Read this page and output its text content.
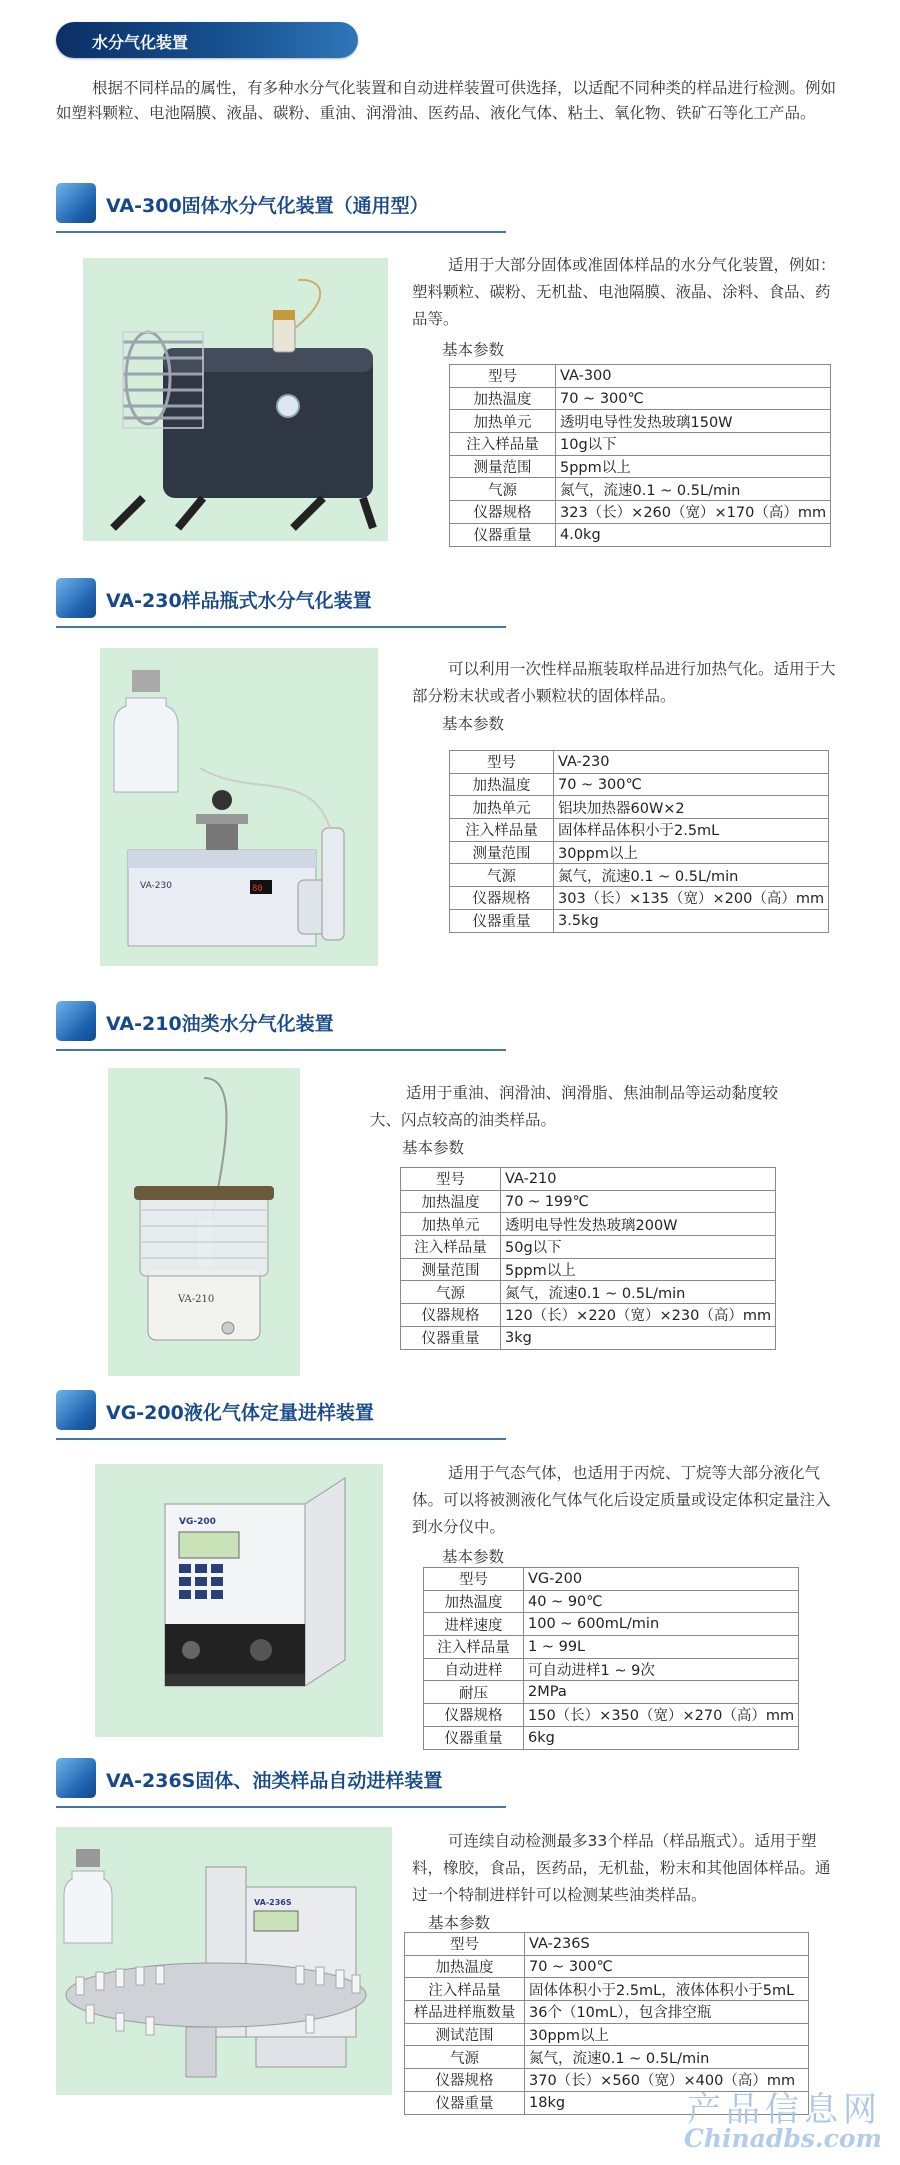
水分气化装置

根据不同样品的属性，有多种水分气化装置和自动进样装置可供选择，以适配不同种类的样品进行检测。例如如塑料颗粒、电池隔膜、液晶、碳粉、重油、润滑油、医药品、液化气体、粘土、氧化物、铁矿石等化工产品。

VA-300固体水分气化装置（通用型）

适用于大部分固体或准固体样品的水分气化装置，例如：塑料颗粒、碳粉、无机盐、电池隔膜、液晶、涂料、食品、药品等。

基本参数
型号	VA-300
加热温度	70 ~ 300℃
加热单元	透明电导性发热玻璃150W
注入样品量	10g以下
测量范围	5ppm以上
气源	氮气，流速0.1 ~ 0.5L/min
仪器规格	323（长）×260（宽）×170（高）mm
仪器重量	4.0kg
VA-230样品瓶式水分气化装置
VA-230	80

可以利用一次性样品瓶装取样品进行加热气化。适用于大部分粉末状或者小颗粒状的固体样品。

基本参数
型号	VA-230
加热温度	70 ~ 300℃
加热单元	铝块加热器60W×2
注入样品量	固体样品体积小于2.5mL
测量范围	30ppm以上
气源	氮气，流速0.1 ~ 0.5L/min
仪器规格	303（长）×135（宽）×200（高）mm
仪器重量	3.5kg
VA-210油类水分气化装置
VA-210

适用于重油、润滑油、润滑脂、焦油制品等运动黏度较大、闪点较高的油类样品。

基本参数
型号	VA-210
加热温度	70 ~ 199℃
加热单元	透明电导性发热玻璃200W
注入样品量	50g以下
测量范围	5ppm以上
气源	氮气，流速0.1 ~ 0.5L/min
仪器规格	120（长）×220（宽）×230（高）mm
仪器重量	3kg
VG-200液化气体定量进样装置
VG-200

适用于气态气体，也适用于丙烷、丁烷等大部分液化气体。可以将被测液化气体气化后设定质量或设定体积定量注入到水分仪中。

基本参数
型号	VG-200
加热温度	40 ~ 90℃
进样速度	100 ~ 600mL/min
注入样品量	1 ~ 99L
自动进样	可自动进样1 ~ 9次
耐压	2MPa
仪器规格	150（长）×350（宽）×270（高）mm
仪器重量	6kg
VA-236S固体、油类样品自动进样装置
VA-236S

可连续自动检测最多33个样品（样品瓶式）。适用于塑料，橡胶，食品，医药品，无机盐，粉末和其他固体样品。通过一个特制进样针可以检测某些油类样品。

基本参数
型号	VA-236S
加热温度	70 ~ 300℃
注入样品量	固体体积小于2.5mL，液体体积小于5mL
样品进样瓶数量	36个（10mL），包含排空瓶
测试范围	30ppm以上
气源	氮气，流速0.1 ~ 0.5L/min
仪器规格	370（长）×560（宽）×400（高）mm
仪器重量	18kg	产品信息网
Chinadbs.com
